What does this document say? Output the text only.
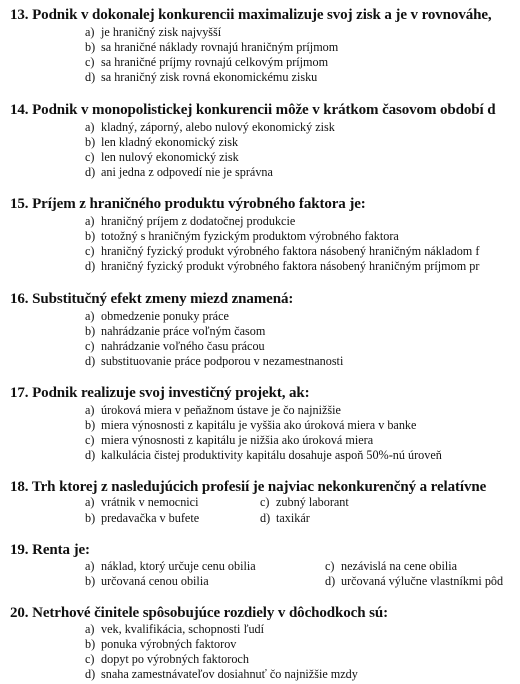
13. Podnik v dokonalej konkurencii maximalizuje svoj zisk a je v rovnováhe,
a) je hraničný zisk najvyšší
b) sa hraničné náklady rovnajú hraničným príjmom
c) sa hraničné príjmy rovnajú celkovým príjmom
d) sa hraničný zisk rovná ekonomickému zisku
14. Podnik v monopolistickej konkurencii môže v krátkom časovom období d
a) kladný, záporný, alebo nulový ekonomický zisk
b) len kladný ekonomický zisk
c) len nulový ekonomický zisk
d) ani jedna z odpovedí nie je správna
15. Príjem z hraničného produktu výrobného faktora je:
a) hraničný príjem z dodatočnej produkcie
b) totožný s hraničným fyzickým produktom výrobného faktora
c) hraničný fyzický produkt výrobného faktora násobený hraničným nákladom f
d) hraničný fyzický produkt výrobného faktora násobený hraničným príjmom pr
16. Substitučný efekt zmeny miezd znamená:
a) obmedzenie ponuky práce
b) nahrádzanie práce voľným časom
c) nahrádzanie voľného času prácou
d) substituovanie práce podporou v nezamestnanosti
17. Podnik realizuje svoj investičný projekt, ak:
a) úroková miera v peňažnom ústave je čo najnižšie
b) miera výnosnosti z kapitálu je vyššia ako úroková miera v banke
c) miera výnosnosti z kapitálu je nižšia ako úroková miera
d) kalkulácia čistej produktivity kapitálu dosahuje aspoň 50%-nú úroveň
18. Trh ktorej z nasledujúcich profesií je najviac nekonkurenčný a relatívne
a) vrátnik v nemocnici	c) zubný laborant
b) predavačka v bufete	d) taxikár
19. Renta je:
a) náklad, ktorý určuje cenu obilia	c) nezávislá na cene obilia
b) určovaná cenou obilia	d) určovaná výlučne vlastníkmi pôd
20. Netrhové činitele spôsobujúce rozdiely v dôchodkoch sú:
a) vek, kvalifikácia, schopnosti ľudí
b) ponuka výrobných faktorov
c) dopyt po výrobných faktoroch
d) snaha zamestnávateľov dosiahnuť čo najnižšie mzdy
